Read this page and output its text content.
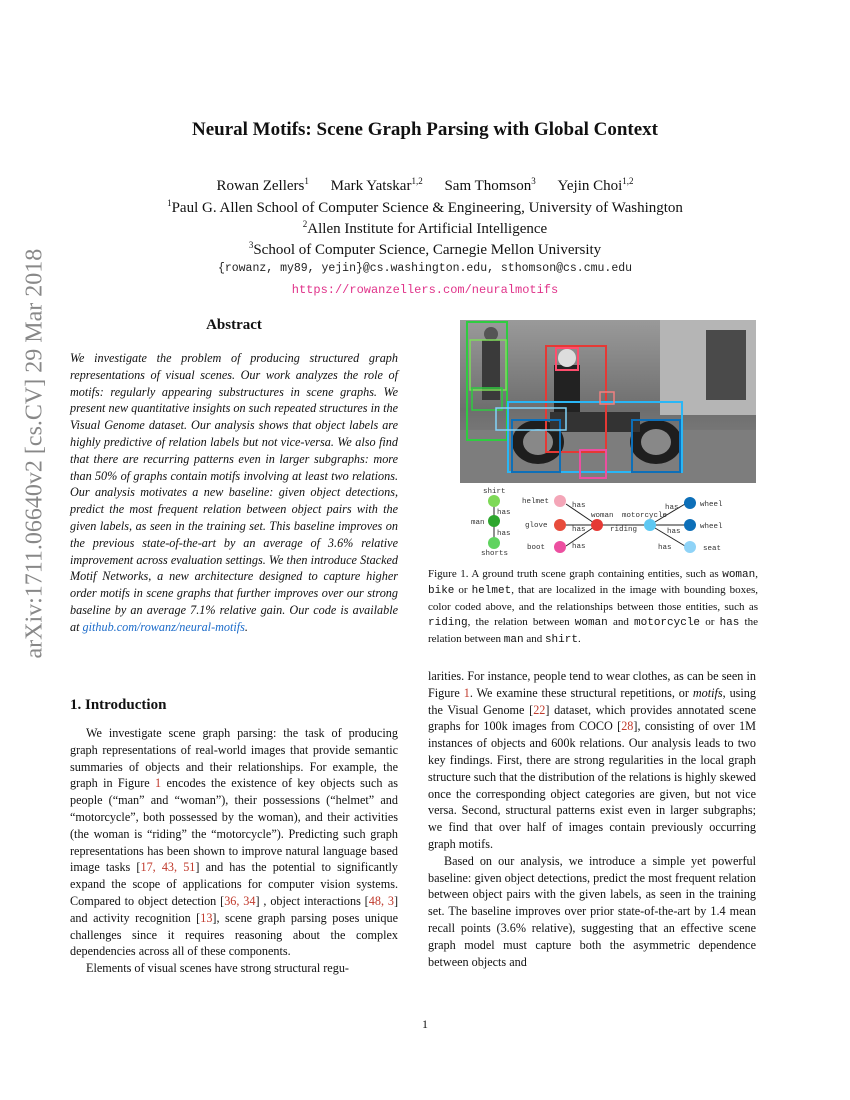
Neural Motifs: Scene Graph Parsing with Global Context
Rowan Zellers$^1$ Mark Yatskar$^{1,2}$ Sam Thomson$^3$ Yejin Choi$^{1,2}$
$^1$Paul G. Allen School of Computer Science & Engineering, University of Washington
$^2$Allen Institute for Artificial Intelligence
$^3$School of Computer Science, Carnegie Mellon University
{rowanz, my89, yejin}@cs.washington.edu, sthomson@cs.cmu.edu
https://rowanzellers.com/neuralmotifs
arXiv:1711.06640v2 [cs.CV] 29 Mar 2018	Abstract
We investigate the problem of producing structured graph representations of visual scenes. Our work analyzes the role of motifs: regularly appearing substructures in scene graphs. We present new quantitative insights on such repeated structures in the Visual Genome dataset. Our analysis shows that object labels are highly predictive of relation labels but not vice-versa. We also find that there are recurring patterns even in larger subgraphs: more than 50% of graphs contain motifs involving at least two relations. Our analysis motivates a new baseline: given object detections, predict the most frequent relation between object pairs with the given labels, as seen in the training set. This baseline improves on the previous state-of-the-art by an average of 3.6% relative improvement across evaluation settings. We then introduce Stacked Motif Networks, a new architecture designed to capture higher order motifs in scene graphs that further improves over our strong baseline by an average 7.1% relative gain. Our code is available at github.com/rowanz/neural-motifs.
1. Introduction

We investigate scene graph parsing: the task of producing graph representations of real-world images that provide semantic summaries of objects and their relationships. For example, the graph in Figure 1 encodes the existence of key objects such as people (“man” and “woman”), their possessions (“helmet” and “motorcycle”, both possessed by the woman), and their activities (the woman is “riding” the “motorcycle”). Predicting such graph representations has been shown to improve natural language based image tasks [17, 43, 51] and has the potential to significantly expand the scope of applications for computer vision systems. Compared to object detection [36, 34] , object interactions [48, 3] and activity recognition [13], scene graph parsing poses unique challenges since it requires reasoning about the complex dependencies across all of these components.

Elements of visual scenes have strong structural regu-

shirt
man
shorts
helmet
glove
boot
woman motorcycle
wheel
wheel
seat
has
has
has
has
has
riding
has
has
has
Figure 1. A ground truth scene graph containing entities, such as woman, bike or helmet, that are localized in the image with bounding boxes, color coded above, and the relationships between those entities, such as riding, the relation between woman and motorcycle or has the relation between man and shirt.

larities. For instance, people tend to wear clothes, as can be seen in Figure 1. We examine these structural repetitions, or motifs, using the Visual Genome [22] dataset, which provides annotated scene graphs for 100k images from COCO [28], consisting of over 1M instances of objects and 600k relations. Our analysis leads to two key findings. First, there are strong regularities in the local graph structure such that the distribution of the relations is highly skewed once the corresponding object categories are given, but not vice versa. Second, structural patterns exist even in larger subgraphs; we find that over half of images contain previously occurring graph motifs.

Based on our analysis, we introduce a simple yet powerful baseline: given object detections, predict the most frequent relation between object pairs with the given labels, as seen in the training set. The baseline improves over prior state-of-the-art by 1.4 mean recall points (3.6% relative), suggesting that an effective scene graph model must capture both the asymmetric dependence between objects and

1
